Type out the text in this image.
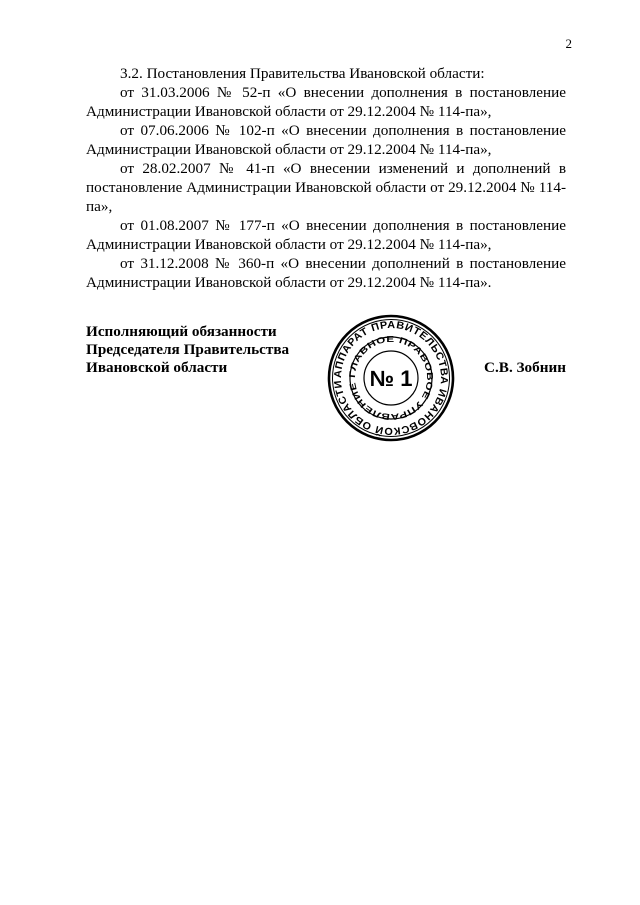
2

3.2. Постановления Правительства Ивановской области:

от 31.03.2006 № 52-п «О внесении дополнения в постановление Администрации Ивановской области от 29.12.2004 № 114-па»,

от 07.06.2006 № 102-п «О внесении дополнения в постановление Администрации Ивановской области от 29.12.2004 № 114-па»,

от 28.02.2007 № 41-п «О внесении изменений и дополнений в постановление Администрации Ивановской области от 29.12.2004 № 114-па»,

от 01.08.2007 № 177-п «О внесении дополнения в постановление Администрации Ивановской области от 29.12.2004 № 114-па»,

от 31.12.2008 № 360-п «О внесении дополнений в постановление Администрации Ивановской области от 29.12.2004 № 114-па».

Исполняющий обязанности
Председателя Правительства
Ивановской области	АППАРАТ ПРАВИТЕЛЬСТВА ИВАНОВСКОЙ ОБЛАСТИ
ГЛАВНОЕ ПРАВОВОЕ УПРАВЛЕНИЕ № 1	С.В. Зобнин
